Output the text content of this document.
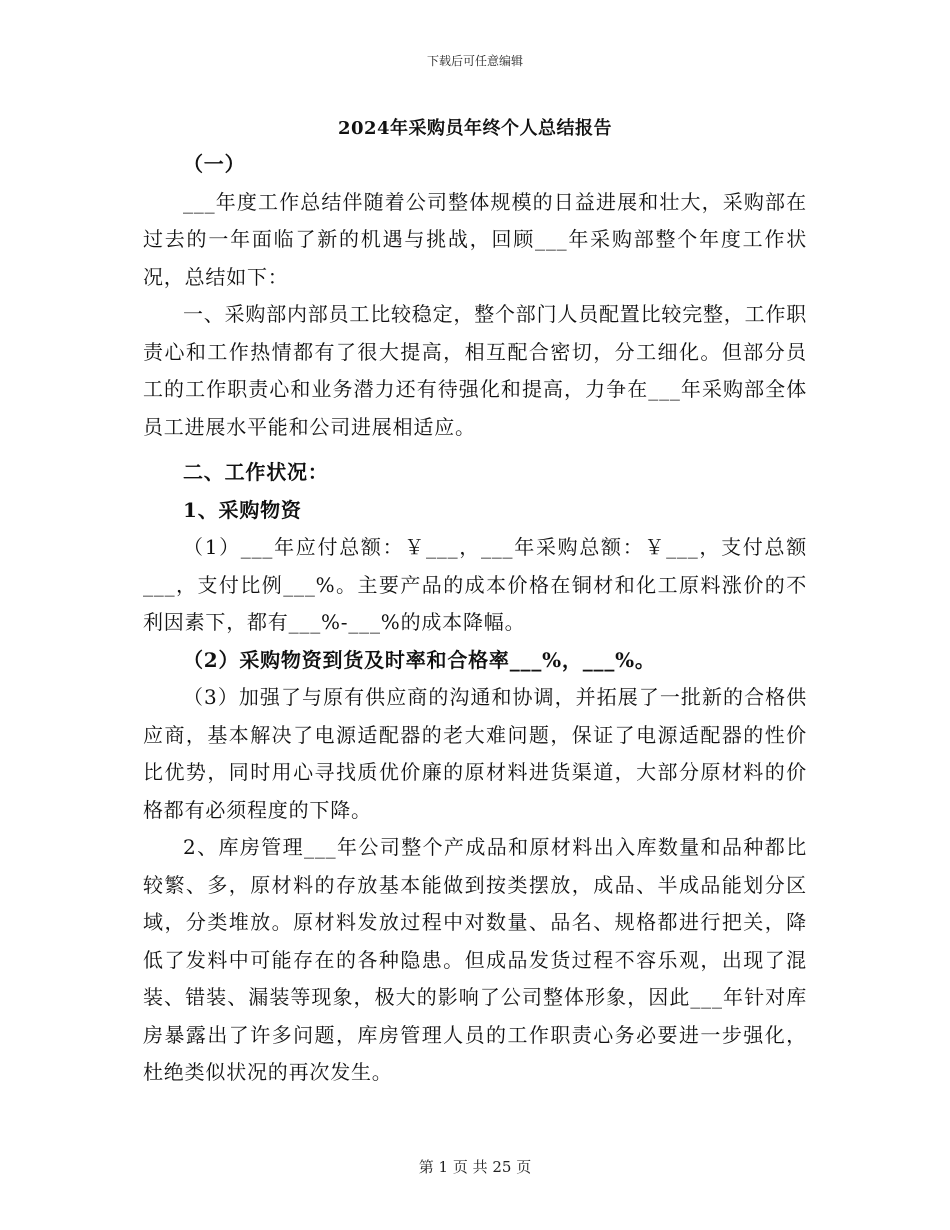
下载后可任意编辑
2024年采购员年终个人总结报告

（一）

___年度工作总结伴随着公司整体规模的日益进展和壮大，采购部在过去的一年面临了新的机遇与挑战，回顾___年采购部整个年度工作状况，总结如下：

一、采购部内部员工比较稳定，整个部门人员配置比较完整，工作职责心和工作热情都有了很大提高，相互配合密切，分工细化。但部分员工的工作职责心和业务潜力还有待强化和提高，力争在___年采购部全体员工进展水平能和公司进展相适应。

二、工作状况：

1、采购物资

（1）___年应付总额：￥___，___年采购总额：￥___，支付总额___，支付比例___%。主要产品的成本价格在铜材和化工原料涨价的不利因素下，都有___%-___%的成本降幅。

（2）采购物资到货及时率和合格率___%，___%。

（3）加强了与原有供应商的沟通和协调，并拓展了一批新的合格供应商，基本解决了电源适配器的老大难问题，保证了电源适配器的性价比优势，同时用心寻找质优价廉的原材料进货渠道，大部分原材料的价格都有必须程度的下降。

2、库房管理___年公司整个产成品和原材料出入库数量和品种都比较繁、多，原材料的存放基本能做到按类摆放，成品、半成品能划分区域，分类堆放。原材料发放过程中对数量、品名、规格都进行把关，降低了发料中可能存在的各种隐患。但成品发货过程不容乐观，出现了混装、错装、漏装等现象，极大的影响了公司整体形象，因此___年针对库房暴露出了许多问题，库房管理人员的工作职责心务必要进一步强化，杜绝类似状况的再次发生。

第 1 页 共 25 页
